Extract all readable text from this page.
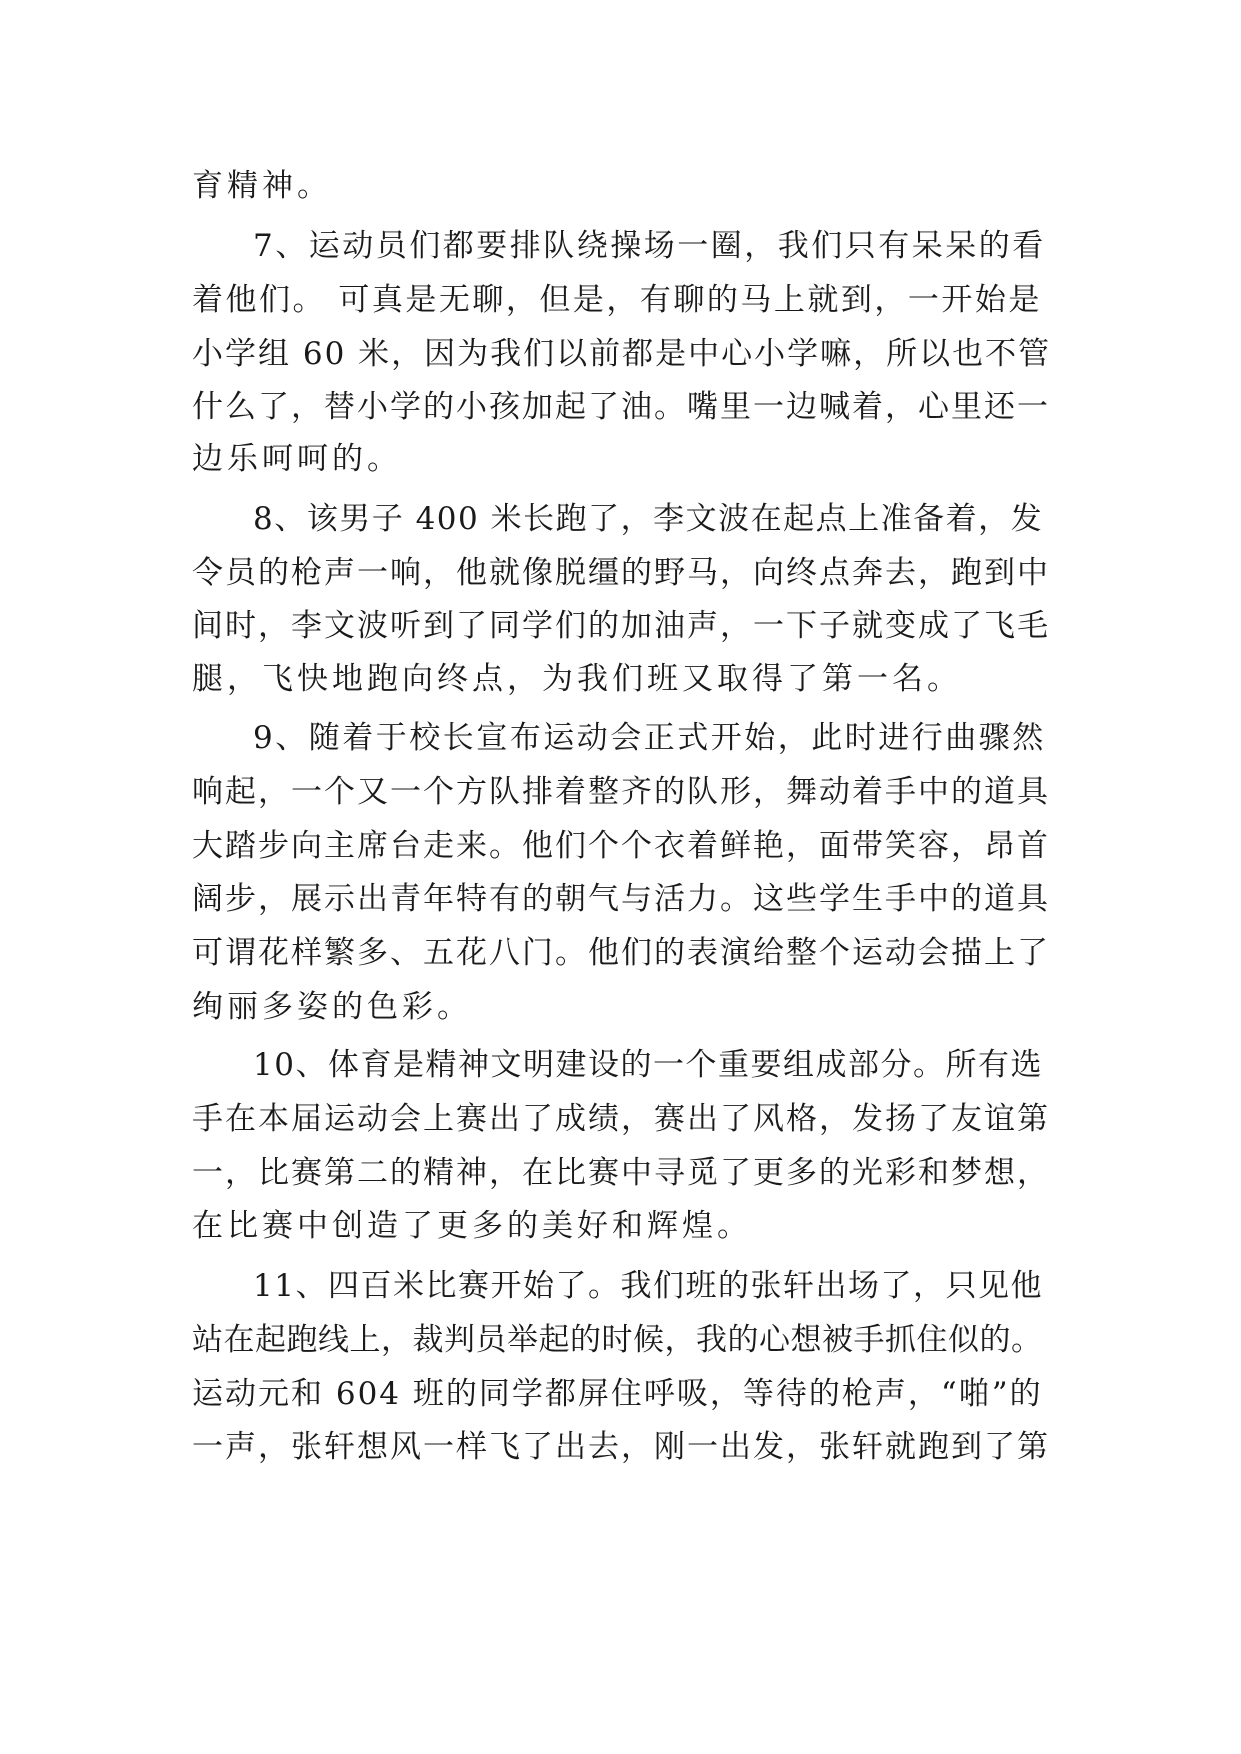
育精神。
7、运动员们都要排队绕操场一圈，我们只有呆呆的看
着他们。 可真是无聊，但是，有聊的马上就到，一开始是
小学组 60 米，因为我们以前都是中心小学嘛，所以也不管
什么了，替小学的小孩加起了油。嘴里一边喊着，心里还一
边乐呵呵的。
8、该男子 400 米长跑了，李文波在起点上准备着，发
令员的枪声一响，他就像脱缰的野马，向终点奔去，跑到中
间时，李文波听到了同学们的加油声，一下子就变成了飞毛
腿，飞快地跑向终点，为我们班又取得了第一名。
9、随着于校长宣布运动会正式开始，此时进行曲骤然
响起，一个又一个方队排着整齐的队形，舞动着手中的道具
大踏步向主席台走来。他们个个衣着鲜艳，面带笑容，昂首
阔步，展示出青年特有的朝气与活力。这些学生手中的道具
可谓花样繁多、五花八门。他们的表演给整个运动会描上了
绚丽多姿的色彩。
10、体育是精神文明建设的一个重要组成部分。所有选
手在本届运动会上赛出了成绩，赛出了风格，发扬了友谊第
一，比赛第二的精神，在比赛中寻觅了更多的光彩和梦想，
在比赛中创造了更多的美好和辉煌。
11、四百米比赛开始了。我们班的张轩出场了，只见他
站在起跑线上，裁判员举起的时候，我的心想被手抓住似的。
运动元和 604 班的同学都屏住呼吸，等待的枪声，“啪”的
一声，张轩想风一样飞了出去，刚一出发，张轩就跑到了第
